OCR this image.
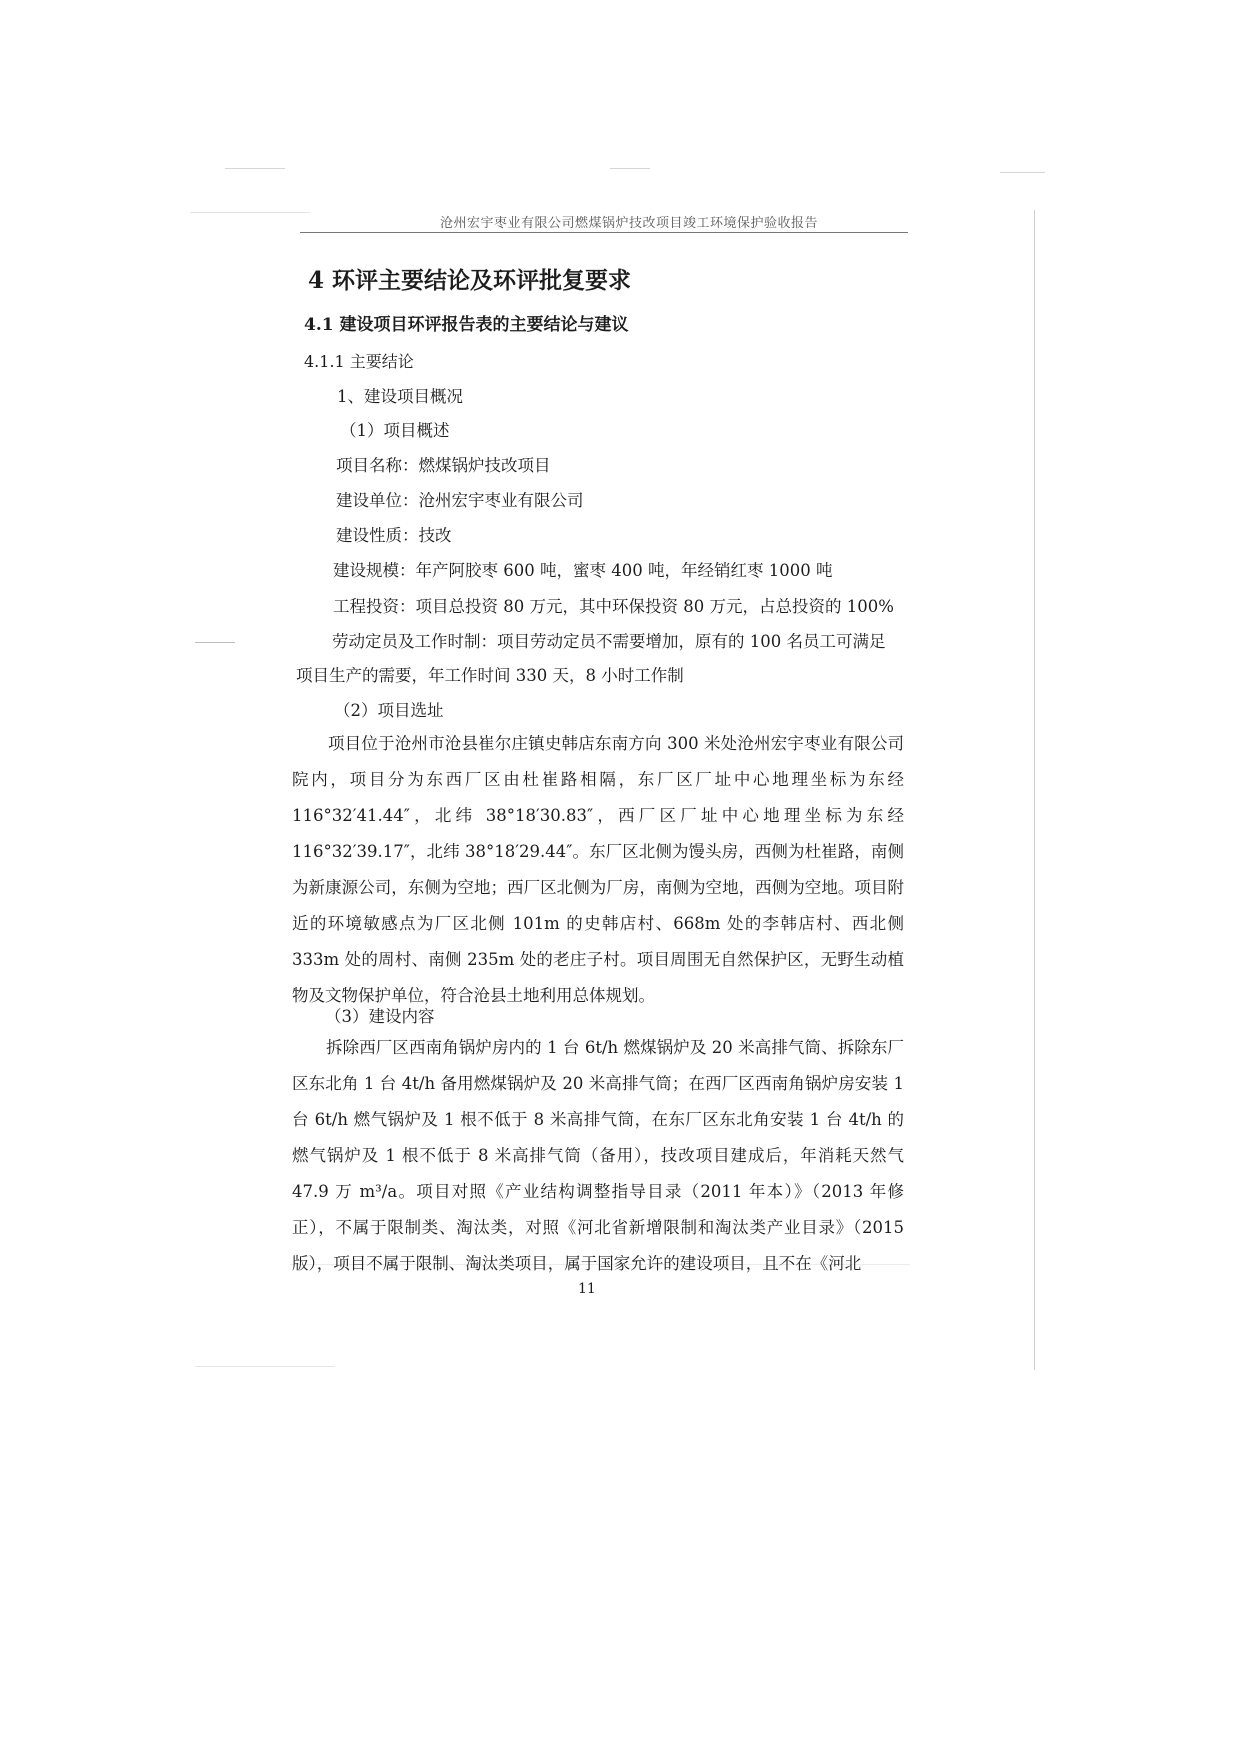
沧州宏宇枣业有限公司燃煤锅炉技改项目竣工环境保护验收报告
4 环评主要结论及环评批复要求
4.1 建设项目环评报告表的主要结论与建议
4.1.1 主要结论
1、建设项目概况
（1）项目概述
项目名称：燃煤锅炉技改项目
建设单位：沧州宏宇枣业有限公司
建设性质：技改
建设规模：年产阿胶枣 600 吨，蜜枣 400 吨，年经销红枣 1000 吨
工程投资：项目总投资 80 万元，其中环保投资 80 万元，占总投资的 100%
劳动定员及工作时制：项目劳动定员不需要增加，原有的 100 名员工可满足
项目生产的需要，年工作时间 330 天，8 小时工作制
（2）项目选址
项目位于沧州市沧县崔尔庄镇史韩店东南方向 300 米处沧州宏宇枣业有限公司院内，项目分为东西厂区由杜崔路相隔，东厂区厂址中心地理坐标为东经 116°32′41.44″，北纬 38°18′30.83″，西厂区厂址中心地理坐标为东经 116°32′39.17″，北纬 38°18′29.44″。东厂区北侧为馒头房，西侧为杜崔路，南侧为新康源公司，东侧为空地；西厂区北侧为厂房，南侧为空地，西侧为空地。项目附近的环境敏感点为厂区北侧 101m 的史韩店村、668m 处的李韩店村、西北侧 333m 处的周村、南侧 235m 处的老庄子村。项目周围无自然保护区，无野生动植物及文物保护单位，符合沧县土地利用总体规划。
（3）建设内容
拆除西厂区西南角锅炉房内的 1 台 6t/h 燃煤锅炉及 20 米高排气筒、拆除东厂区东北角 1 台 4t/h 备用燃煤锅炉及 20 米高排气筒；在西厂区西南角锅炉房安装 1 台 6t/h 燃气锅炉及 1 根不低于 8 米高排气筒，在东厂区东北角安装 1 台 4t/h 的燃气锅炉及 1 根不低于 8 米高排气筒（备用），技改项目建成后，年消耗天然气 47.9 万 m³/a。项目对照《产业结构调整指导目录（2011 年本）》（2013 年修正），不属于限制类、淘汰类，对照《河北省新增限制和淘汰类产业目录》（2015 版），项目不属于限制、淘汰类项目，属于国家允许的建设项目，且不在《河北
11
